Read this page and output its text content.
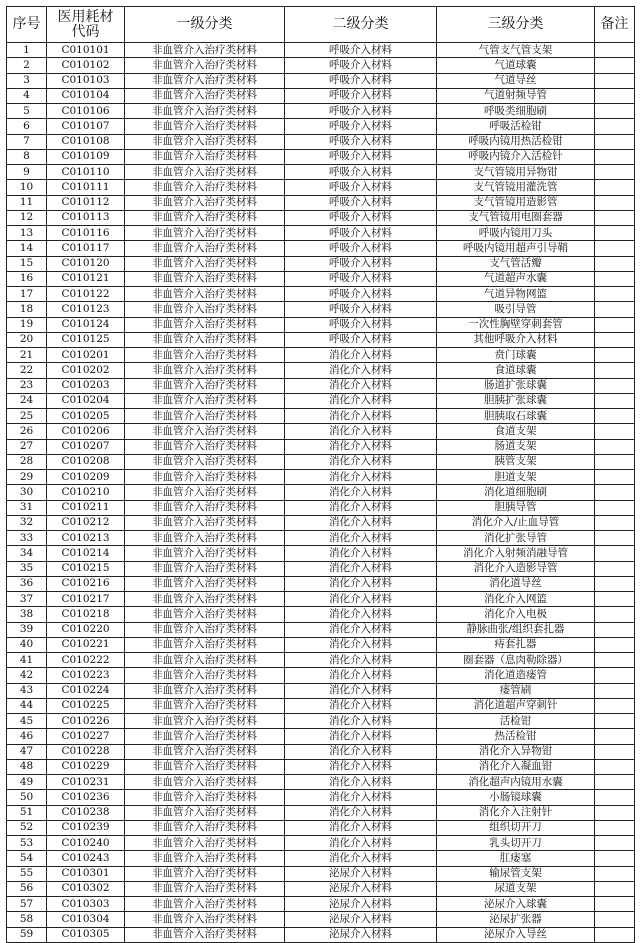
序号	医用耗材代码	一级分类	二级分类	三级分类	备注
1	C010101	非血管介入治疗类材料	呼吸介入材料	气管支气管支架	
2	C010102	非血管介入治疗类材料	呼吸介入材料	气道球囊	
3	C010103	非血管介入治疗类材料	呼吸介入材料	气道导丝	
4	C010104	非血管介入治疗类材料	呼吸介入材料	气道射频导管	
5	C010106	非血管介入治疗类材料	呼吸介入材料	呼吸类细胞刷	
6	C010107	非血管介入治疗类材料	呼吸介入材料	呼吸活检钳	
7	C010108	非血管介入治疗类材料	呼吸介入材料	呼吸内镜用热活检钳	
8	C010109	非血管介入治疗类材料	呼吸介入材料	呼吸内镜介入活检针	
9	C010110	非血管介入治疗类材料	呼吸介入材料	支气管镜用异物钳	
10	C010111	非血管介入治疗类材料	呼吸介入材料	支气管镜用灌洗管	
11	C010112	非血管介入治疗类材料	呼吸介入材料	支气管镜用造影管	
12	C010113	非血管介入治疗类材料	呼吸介入材料	支气管镜用电圈套器	
13	C010116	非血管介入治疗类材料	呼吸介入材料	呼吸内镜用刀头	
14	C010117	非血管介入治疗类材料	呼吸介入材料	呼吸内镜用超声引导鞘	
15	C010120	非血管介入治疗类材料	呼吸介入材料	支气管活瓣	
16	C010121	非血管介入治疗类材料	呼吸介入材料	气道超声水囊	
17	C010122	非血管介入治疗类材料	呼吸介入材料	气道异物网篮	
18	C010123	非血管介入治疗类材料	呼吸介入材料	吸引导管	
19	C010124	非血管介入治疗类材料	呼吸介入材料	一次性胸壁穿刺套管	
20	C010125	非血管介入治疗类材料	呼吸介入材料	其他呼吸介入材料	
21	C010201	非血管介入治疗类材料	消化介入材料	贲门球囊	
22	C010202	非血管介入治疗类材料	消化介入材料	食道球囊	
23	C010203	非血管介入治疗类材料	消化介入材料	肠道扩张球囊	
24	C010204	非血管介入治疗类材料	消化介入材料	胆胰扩张球囊	
25	C010205	非血管介入治疗类材料	消化介入材料	胆胰取石球囊	
26	C010206	非血管介入治疗类材料	消化介入材料	食道支架	
27	C010207	非血管介入治疗类材料	消化介入材料	肠道支架	
28	C010208	非血管介入治疗类材料	消化介入材料	胰管支架	
29	C010209	非血管介入治疗类材料	消化介入材料	胆道支架	
30	C010210	非血管介入治疗类材料	消化介入材料	消化道细胞刷	
31	C010211	非血管介入治疗类材料	消化介入材料	胆胰导管	
32	C010212	非血管介入治疗类材料	消化介入材料	消化介入/止血导管	
33	C010213	非血管介入治疗类材料	消化介入材料	消化扩张导管	
34	C010214	非血管介入治疗类材料	消化介入材料	消化介入射频消融导管	
35	C010215	非血管介入治疗类材料	消化介入材料	消化介入造影导管	
36	C010216	非血管介入治疗类材料	消化介入材料	消化道导丝	
37	C010217	非血管介入治疗类材料	消化介入材料	消化介入网篮	
38	C010218	非血管介入治疗类材料	消化介入材料	消化介入电极	
39	C010220	非血管介入治疗类材料	消化介入材料	静脉曲张/组织套扎器	
40	C010221	非血管介入治疗类材料	消化介入材料	痔套扎器	
41	C010222	非血管介入治疗类材料	消化介入材料	圈套器（息肉勒除器）	
42	C010223	非血管介入治疗类材料	消化介入材料	消化道造瘘管	
43	C010224	非血管介入治疗类材料	消化介入材料	瘘管刷	
44	C010225	非血管介入治疗类材料	消化介入材料	消化道超声穿刺针	
45	C010226	非血管介入治疗类材料	消化介入材料	活检钳	
46	C010227	非血管介入治疗类材料	消化介入材料	热活检钳	
47	C010228	非血管介入治疗类材料	消化介入材料	消化介入异物钳	
48	C010229	非血管介入治疗类材料	消化介入材料	消化介入凝血钳	
49	C010231	非血管介入治疗类材料	消化介入材料	消化超声内镜用水囊	
50	C010236	非血管介入治疗类材料	消化介入材料	小肠镜球囊	
51	C010238	非血管介入治疗类材料	消化介入材料	消化介入注射针	
52	C010239	非血管介入治疗类材料	消化介入材料	组织切开刀	
53	C010240	非血管介入治疗类材料	消化介入材料	乳头切开刀	
54	C010243	非血管介入治疗类材料	消化介入材料	肛瘘塞	
55	C010301	非血管介入治疗类材料	泌尿介入材料	输尿管支架	
56	C010302	非血管介入治疗类材料	泌尿介入材料	尿道支架	
57	C010303	非血管介入治疗类材料	泌尿介入材料	泌尿介入球囊	
58	C010304	非血管介入治疗类材料	泌尿介入材料	泌尿扩张器	
59	C010305	非血管介入治疗类材料	泌尿介入材料	泌尿介入导丝	
